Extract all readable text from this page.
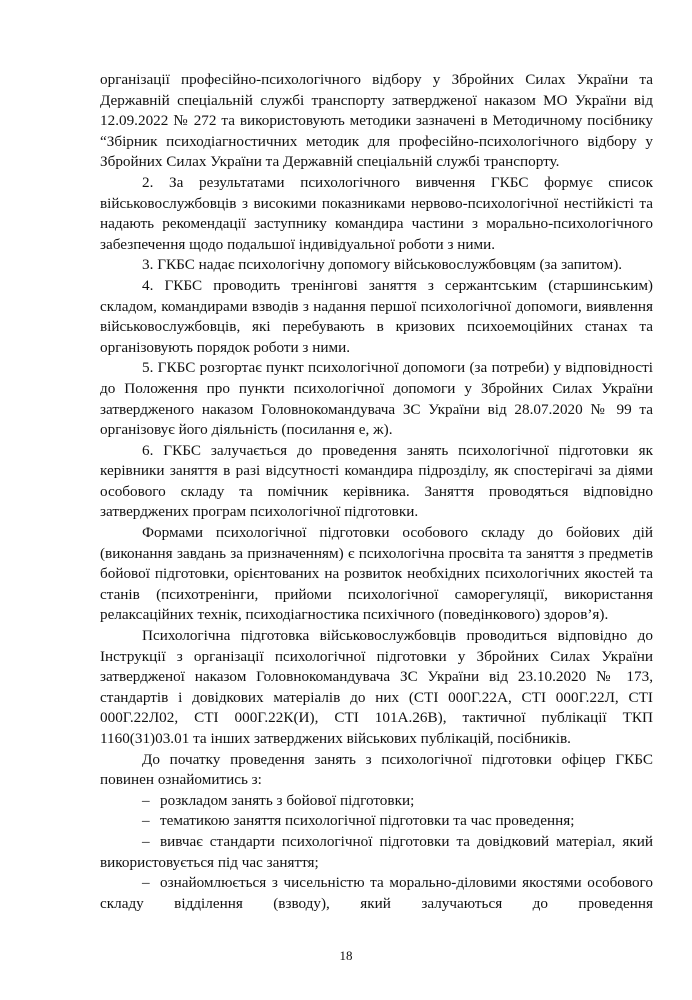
організації професійно-психологічного відбору у Збройних Силах України та Державній спеціальній службі транспорту затвердженої наказом МО України від 12.09.2022 № 272 та використовують методики зазначені в Методичному посібнику “Збірник психодіагностичних методик для професійно-психологічного відбору у Збройних Силах України та Державній спеціальній службі транспорту.

2. За результатами психологічного вивчення ГКБС формує список військовослужбовців з високими показниками нервово-психологічної нестійкісті та надають рекомендації заступнику командира частини з морально-психологічного забезпечення щодо подальшої індивідуальної роботи з ними.

3. ГКБС надає психологічну допомогу військовослужбовцям (за запитом).

4. ГКБС проводить тренінгові заняття з сержантським (старшинським) складом, командирами взводів з надання першої психологічної допомоги, виявлення військовослужбовців, які перебувають в кризових психоемоційних станах та організовують порядок роботи з ними.

5. ГКБС розгортає пункт психологічної допомоги (за потреби) у відповідності до Положення про пункти психологічної допомоги у Збройних Силах України затвердженого наказом Головнокомандувача ЗС України від 28.07.2020 № 99 та організовує його діяльність (посилання е, ж).

6. ГКБС залучається до проведення занять психологічної підготовки як керівники заняття в разі відсутності командира підрозділу, як спостерігачі за діями особового складу та помічник керівника. Заняття проводяться відповідно затверджених програм психологічної підготовки.

Формами психологічної підготовки особового складу до бойових дій (виконання завдань за призначенням) є психологічна просвіта та заняття з предметів бойової підготовки, орієнтованих на розвиток необхідних психологічних якостей та станів (психотренінги, прийоми психологічної саморегуляції, використання релаксаційних технік, психодіагностика психічного (поведінкового) здоров’я).

Психологічна підготовка військовослужбовців проводиться відповідно до Інструкції з організації психологічної підготовки у Збройних Силах України затвердженої наказом Головнокомандувача ЗС України від 23.10.2020 № 173, стандартів і довідкових матеріалів до них (СТІ 000Г.22А, СТІ 000Г.22Л, СТІ 000Г.22Л02, СТІ 000Г.22К(И), СТІ 101А.26В), тактичної публікації ТКП 1160(31)03.01 та інших затверджених військових публікацій, посібників.

До початку проведення занять з психологічної підготовки офіцер ГКБС повинен ознайомитись з:

– розкладом занять з бойової підготовки;
– тематикою заняття психологічної підготовки та час проведення;
– вивчає стандарти психологічної підготовки та довідковий матеріал, який використовується під час заняття;
– ознайомлюється з чисельністю та морально-діловими якостями особового складу відділення (взводу), який залучаються до проведення
18
